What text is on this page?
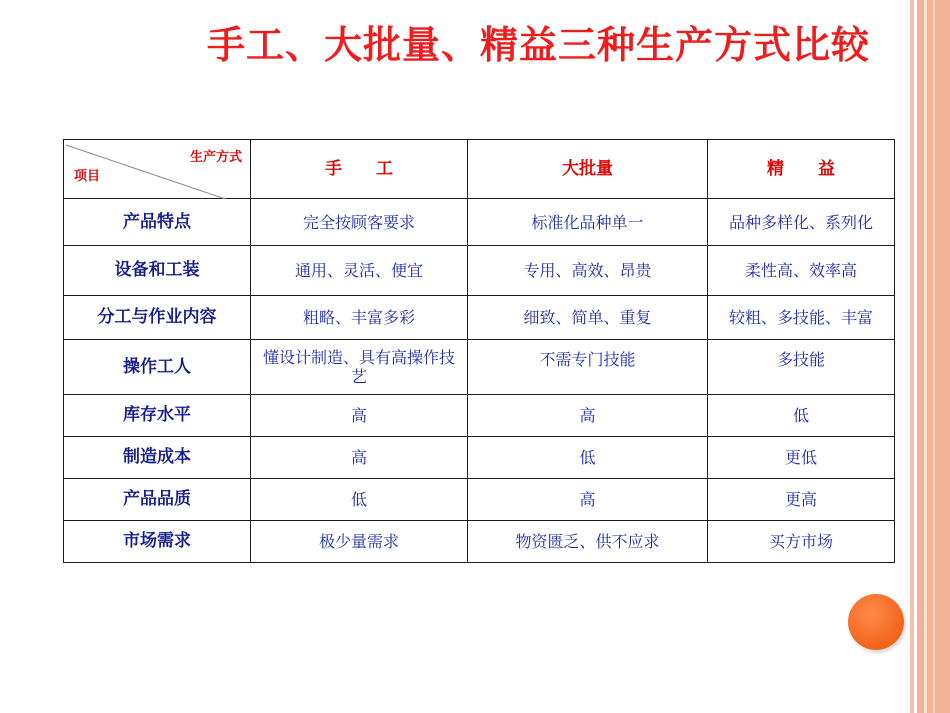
手工、大批量、精益三种生产方式比较
生产方式
项目	手　　工	大批量	精　　益
产品特点	完全按顾客要求	标准化品种单一	品种多样化、系列化
设备和工装	通用、灵活、便宜	专用、高效、昂贵	柔性高、效率高
分工与作业内容	粗略、丰富多彩	细致、简单、重复	较粗、多技能、丰富
操作工人	懂设计制造、具有高操作技艺	不需专门技能	多技能
库存水平	高	高	低
制造成本	高	低	更低
产品品质	低	高	更高
市场需求	极少量需求	物资匮乏、供不应求	买方市场
